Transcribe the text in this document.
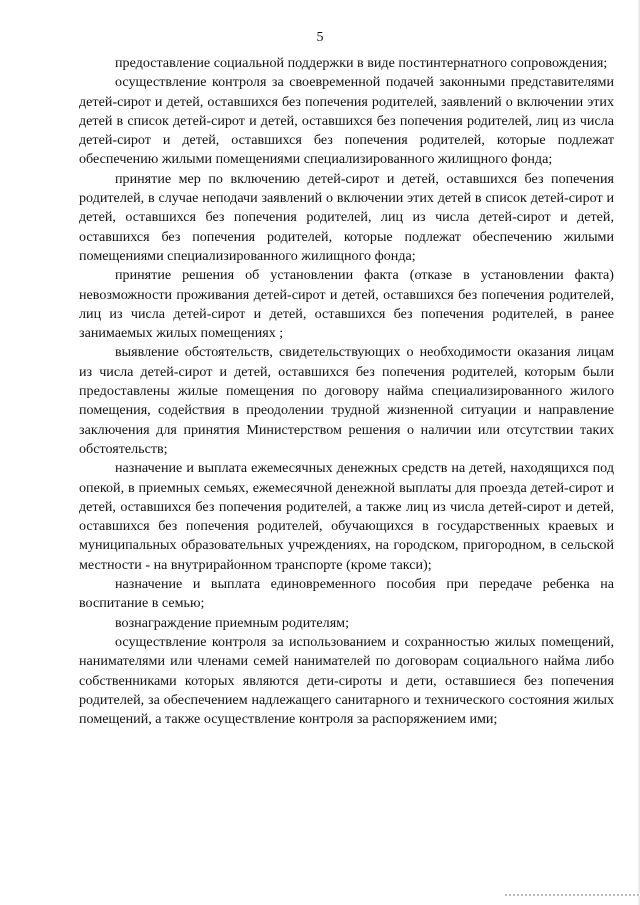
5

предоставление социальной поддержки в виде постинтернатного сопровождения;

осуществление контроля за своевременной подачей законными представителями детей-сирот и детей, оставшихся без попечения родителей, заявлений о включении этих детей в список детей-сирот и детей, оставшихся без попечения родителей, лиц из числа детей-сирот и детей, оставшихся без попечения родителей, которые подлежат обеспечению жилыми помещениями специализированного жилищного фонда;

принятие мер по включению детей-сирот и детей, оставшихся без попечения родителей, в случае неподачи заявлений о включении этих детей в список детей-сирот и детей, оставшихся без попечения родителей, лиц из числа детей-сирот и детей, оставшихся без попечения родителей, которые подлежат обеспечению жилыми помещениями специализированного жилищного фонда;

принятие решения об установлении факта (отказе в установлении факта) невозможности проживания детей-сирот и детей, оставшихся без попечения родителей, лиц из числа детей-сирот и детей, оставшихся без попечения родителей, в ранее занимаемых жилых помещениях ;

выявление обстоятельств, свидетельствующих о необходимости оказания лицам из числа детей-сирот и детей, оставшихся без попечения родителей, которым были предоставлены жилые помещения по договору найма специализированного жилого помещения, содействия в преодолении трудной жизненной ситуации и направление заключения для принятия Министерством решения о наличии или отсутствии таких обстоятельств;

назначение и выплата ежемесячных денежных средств на детей, находящихся под опекой, в приемных семьях, ежемесячной денежной выплаты для проезда детей-сирот и детей, оставшихся без попечения родителей, а также лиц из числа детей-сирот и детей, оставшихся без попечения родителей, обучающихся в государственных краевых и муниципальных образовательных учреждениях, на городском, пригородном, в сельской местности - на внутрирайонном транспорте (кроме такси);

назначение и выплата единовременного пособия при передаче ребенка на воспитание в семью;

вознаграждение приемным родителям;

осуществление контроля за использованием и сохранностью жилых помещений, нанимателями или членами семей нанимателей по договорам социального найма либо собственниками которых являются дети-сироты и дети, оставшиеся без попечения родителей, за обеспечением надлежащего санитарного и технического состояния жилых помещений, а также осуществление контроля за распоряжением ими;
